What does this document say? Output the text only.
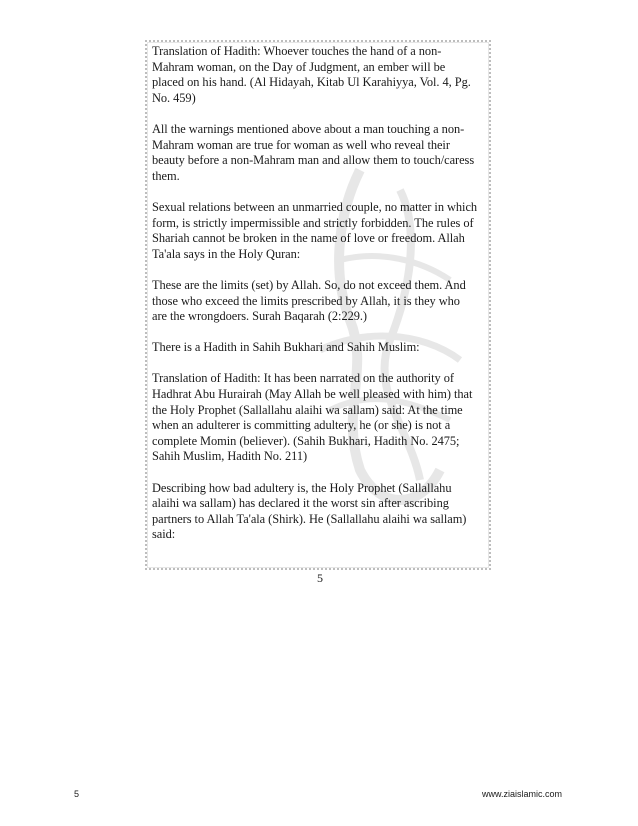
Translation of Hadith: Whoever touches the hand of a non-
Mahram woman, on the Day of Judgment, an ember will be
placed on his hand. (Al Hidayah, Kitab Ul Karahiyya, Vol. 4, Pg.
No. 459)

All the warnings mentioned above about a man touching a non-
Mahram woman are true for woman as well who reveal their
beauty before a non-Mahram man and allow them to touch/caress
them.

Sexual relations between an unmarried couple, no matter in which
form, is strictly impermissible and strictly forbidden. The rules of
Shariah cannot be broken in the name of love or freedom. Allah
Ta'ala says in the Holy Quran:

These are the limits (set) by Allah. So, do not exceed them. And
those who exceed the limits prescribed by Allah, it is they who
are the wrongdoers. Surah Baqarah (2:229.)

There is a Hadith in Sahih Bukhari and Sahih Muslim:

Translation of Hadith: It has been narrated on the authority of
Hadhrat Abu Hurairah (May Allah be well pleased with him) that
the Holy Prophet (Sallallahu alaihi wa sallam) said: At the time
when an adulterer is committing adultery, he (or she) is not a
complete Momin (believer). (Sahih Bukhari, Hadith No. 2475;
Sahih Muslim, Hadith No. 211)

Describing how bad adultery is, the Holy Prophet (Sallallahu
alaihi wa sallam) has declared it the worst sin after ascribing
partners to Allah Ta'ala (Shirk). He (Sallallahu alaihi wa sallam)
said:

5
5	www.ziaislamic.com
